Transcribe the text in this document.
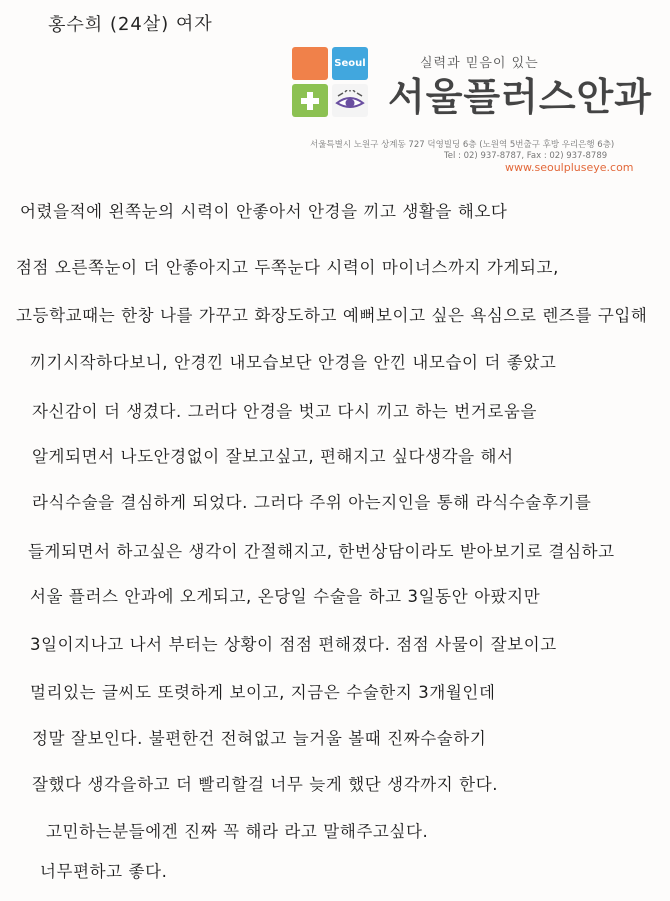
홍수희 (24살) 여자
Seoul	실력과 믿음이 있는
서울플러스안과
서울특별시 노원구 상계동 727 덕영빌딩 6층 (노원역 5번출구 후방 우리은행 6층)
Tel : 02) 937-8787, Fax : 02) 937-8789
www.seoulpluseye.com
어렸을적에 왼쪽눈의 시력이 안좋아서 안경을 끼고 생활을 해오다
점점 오른쪽눈이 더 안좋아지고 두쪽눈다 시력이 마이너스까지 가게되고,
고등학교때는 한창 나를 가꾸고 화장도하고 예뻐보이고 싶은 욕심으로 렌즈를 구입해
끼기시작하다보니, 안경낀 내모습보단 안경을 안낀 내모습이 더 좋았고
자신감이 더 생겼다. 그러다 안경을 벗고 다시 끼고 하는 번거로움을
알게되면서 나도안경없이 잘보고싶고, 편해지고 싶다생각을 해서
라식수술을 결심하게 되었다. 그러다 주위 아는지인을 통해 라식수술후기를
들게되면서 하고싶은 생각이 간절해지고, 한번상담이라도 받아보기로 결심하고
서울 플러스 안과에 오게되고, 온당일 수술을 하고 3일동안 아팠지만
3일이지나고 나서 부터는 상황이 점점 편해졌다. 점점 사물이 잘보이고
멀리있는 글씨도 또렷하게 보이고, 지금은 수술한지 3개월인데
정말 잘보인다. 불편한건 전혀없고 늘거울 볼때 진짜수술하기
잘했다 생각을하고 더 빨리할걸 너무 늦게 했단 생각까지 한다.
고민하는분들에겐 진짜 꼭 해라 라고 말해주고싶다.
너무편하고 좋다.
